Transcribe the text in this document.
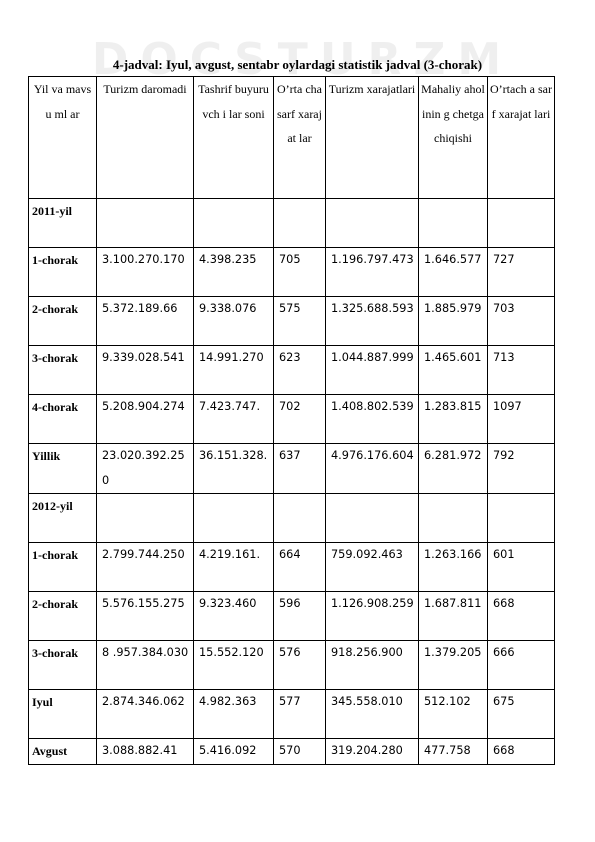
D O C S T U R Z M
4-jadval: Iyul, avgust, sentabr oylardagi statistik jadval (3-chorak)
Yil va mavsu ml ar	Turizm daromadi	Tashrif buyuruvch i lar soni	O’rta cha sarf xaraj at lar	Turizm xarajatlari	Mahaliy aholinin g chetga chiqishi	O’rtach a sarf xarajat lari
2011-yil						
1-chorak	3.100.270.170	4.398.235	705	1.196.797.473	1.646.577	727
2-chorak	5.372.189.66	9.338.076	575	1.325.688.593	1.885.979	703
3-chorak	9.339.028.541	14.991.270	623	1.044.887.999	1.465.601	713
4-chorak	5.208.904.274	7.423.747.	702	1.408.802.539	1.283.815	1097
Yillik	23.020.392.250	36.151.328.	637	4.976.176.604	6.281.972	792
2012-yil						
1-chorak	2.799.744.250	4.219.161.	664	759.092.463	1.263.166	601
2-chorak	5.576.155.275	9.323.460	596	1.126.908.259	1.687.811	668
3-chorak	8 .957.384.030	15.552.120	576	918.256.900	1.379.205	666
Iyul	2.874.346.062	4.982.363	577	345.558.010	512.102	675
Avgust	3.088.882.41	5.416.092	570	319.204.280	477.758	668
